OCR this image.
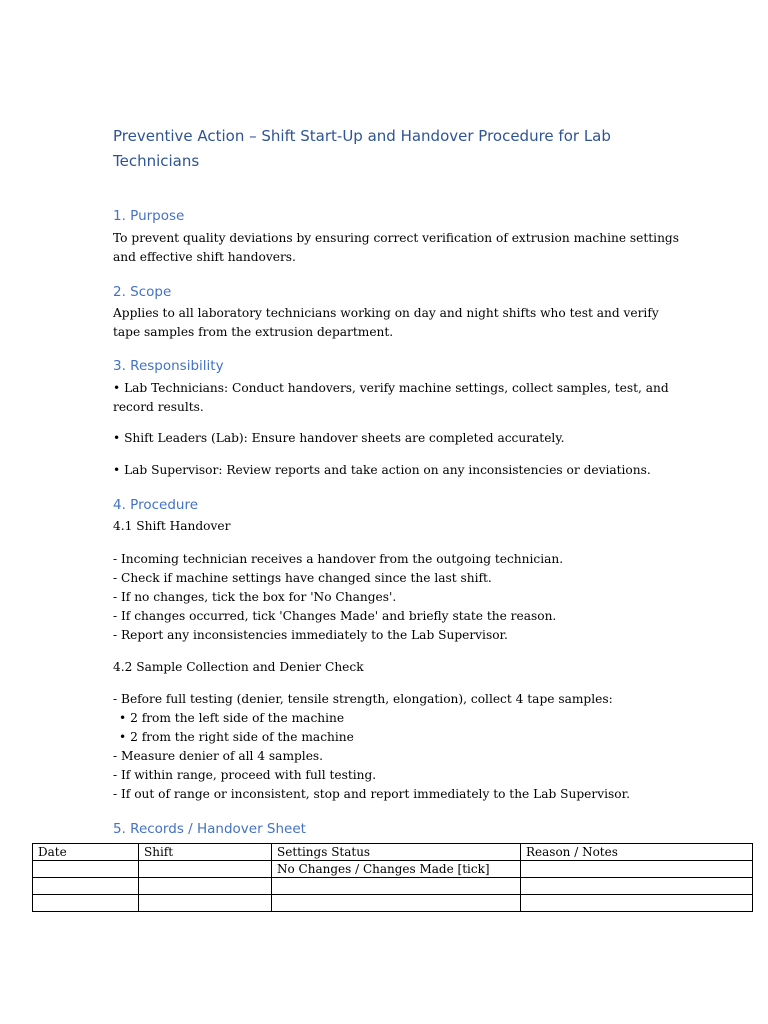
Preventive Action – Shift Start-Up and Handover Procedure for Lab Technicians
1. Purpose

To prevent quality deviations by ensuring correct verification of extrusion machine settings
and effective shift handovers.

2. Scope

Applies to all laboratory technicians working on day and night shifts who test and verify
tape samples from the extrusion department.

3. Responsibility

• Lab Technicians: Conduct handovers, verify machine settings, collect samples, test, and
record results.

• Shift Leaders (Lab): Ensure handover sheets are completed accurately.

• Lab Supervisor: Review reports and take action on any inconsistencies or deviations.

4. Procedure

4.1 Shift Handover

- Incoming technician receives a handover from the outgoing technician.
- Check if machine settings have changed since the last shift.
- If no changes, tick the box for 'No Changes'.
- If changes occurred, tick 'Changes Made' and briefly state the reason.
- Report any inconsistencies immediately to the Lab Supervisor.

4.2 Sample Collection and Denier Check

- Before full testing (denier, tensile strength, elongation), collect 4 tape samples:
• 2 from the left side of the machine
• 2 from the right side of the machine
- Measure denier of all 4 samples.
- If within range, proceed with full testing.
- If out of range or inconsistent, stop and report immediately to the Lab Supervisor.

5. Records / Handover Sheet
Date	Shift	Settings Status	Reason / Notes
		No Changes / Changes Made [tick]	
